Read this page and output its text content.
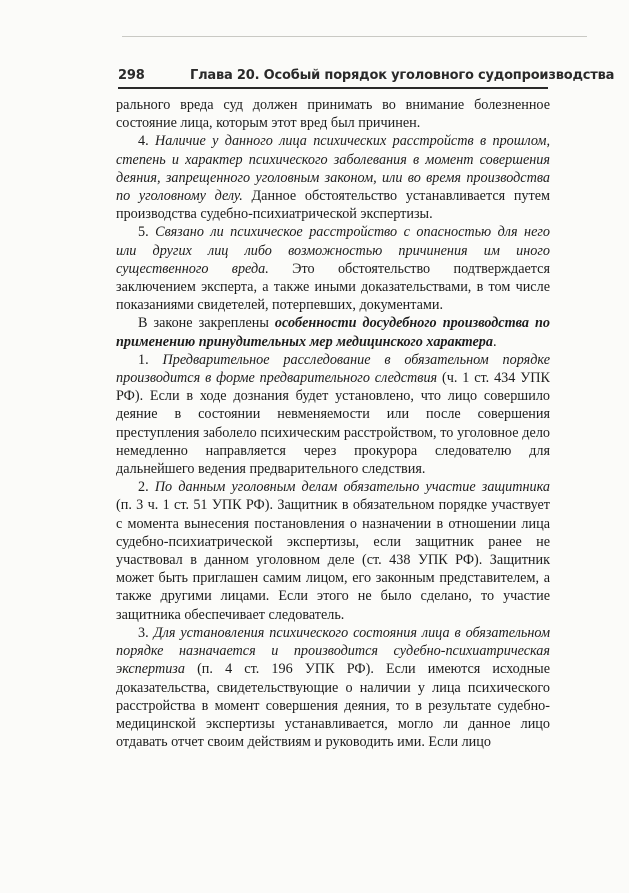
298	Глава 20. Особый порядок уголовного судопроизводства

рального вреда суд должен принимать во внимание болезненное состояние лица, которым этот вред был причинен.

4. Наличие у данного лица психических расстройств в прошлом, степень и характер психического заболевания в момент совершения деяния, запрещенного уголовным законом, или во время производства по уголовному делу. Данное обстоятельство устанавливается путем производства судебно-психиатрической экспертизы.

5. Связано ли психическое расстройство с опасностью для него или других лиц либо возможностью причинения им иного существенного вреда. Это обстоятельство подтверждается заключением эксперта, а также иными доказательствами, в том числе показаниями свидетелей, потерпевших, документами.

В законе закреплены особенности досудебного производства по применению принудительных мер медицинского характера.

1. Предварительное расследование в обязательном порядке производится в форме предварительного следствия (ч. 1 ст. 434 УПК РФ). Если в ходе дознания будет установлено, что лицо совершило деяние в состоянии невменяемости или после совершения преступления заболело психическим расстройством, то уголовное дело немедленно направляется через прокурора следователю для дальнейшего ведения предварительного следствия.

2. По данным уголовным делам обязательно участие защитника (п. 3 ч. 1 ст. 51 УПК РФ). Защитник в обязательном порядке участвует с момента вынесения постановления о назначении в отношении лица судебно-психиатрической экспертизы, если защитник ранее не участвовал в данном уголовном деле (ст. 438 УПК РФ). Защитник может быть приглашен самим лицом, его законным представителем, а также другими лицами. Если этого не было сделано, то участие защитника обеспечивает следователь.

3. Для установления психического состояния лица в обязательном порядке назначается и производится судебно-психиатрическая экспертиза (п. 4 ст. 196 УПК РФ). Если имеются исходные доказательства, свидетельствующие о наличии у лица психического расстройства в момент совершения деяния, то в результате судебно-медицинской экспертизы устанавливается, могло ли данное лицо отдавать отчет своим действиям и руководить ими. Если лицо
